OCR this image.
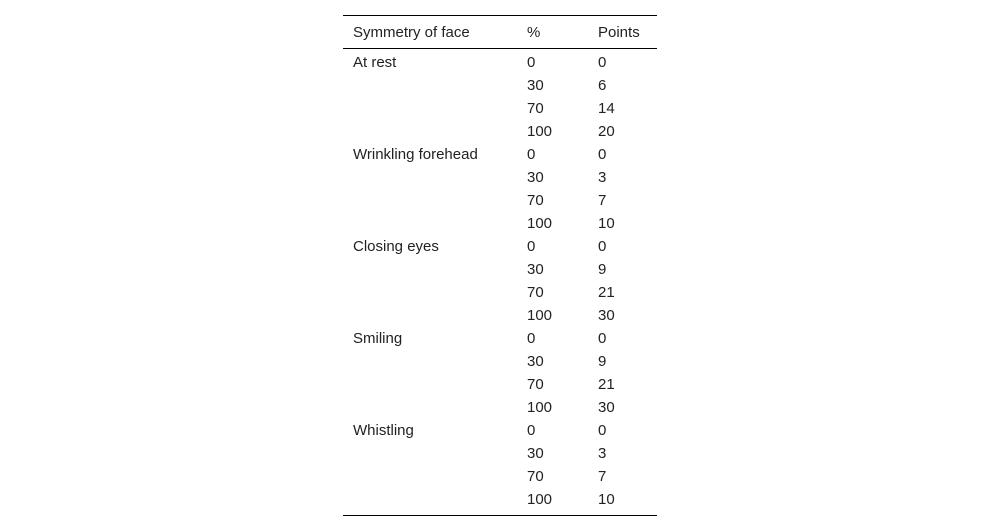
Symmetry of face	%	Points
At rest	0	0
	30	6
	70	14
	100	20
Wrinkling forehead	0	0
	30	3
	70	7
	100	10
Closing eyes	0	0
	30	9
	70	21
	100	30
Smiling	0	0
	30	9
	70	21
	100	30
Whistling	0	0
	30	3
	70	7
	100	10
